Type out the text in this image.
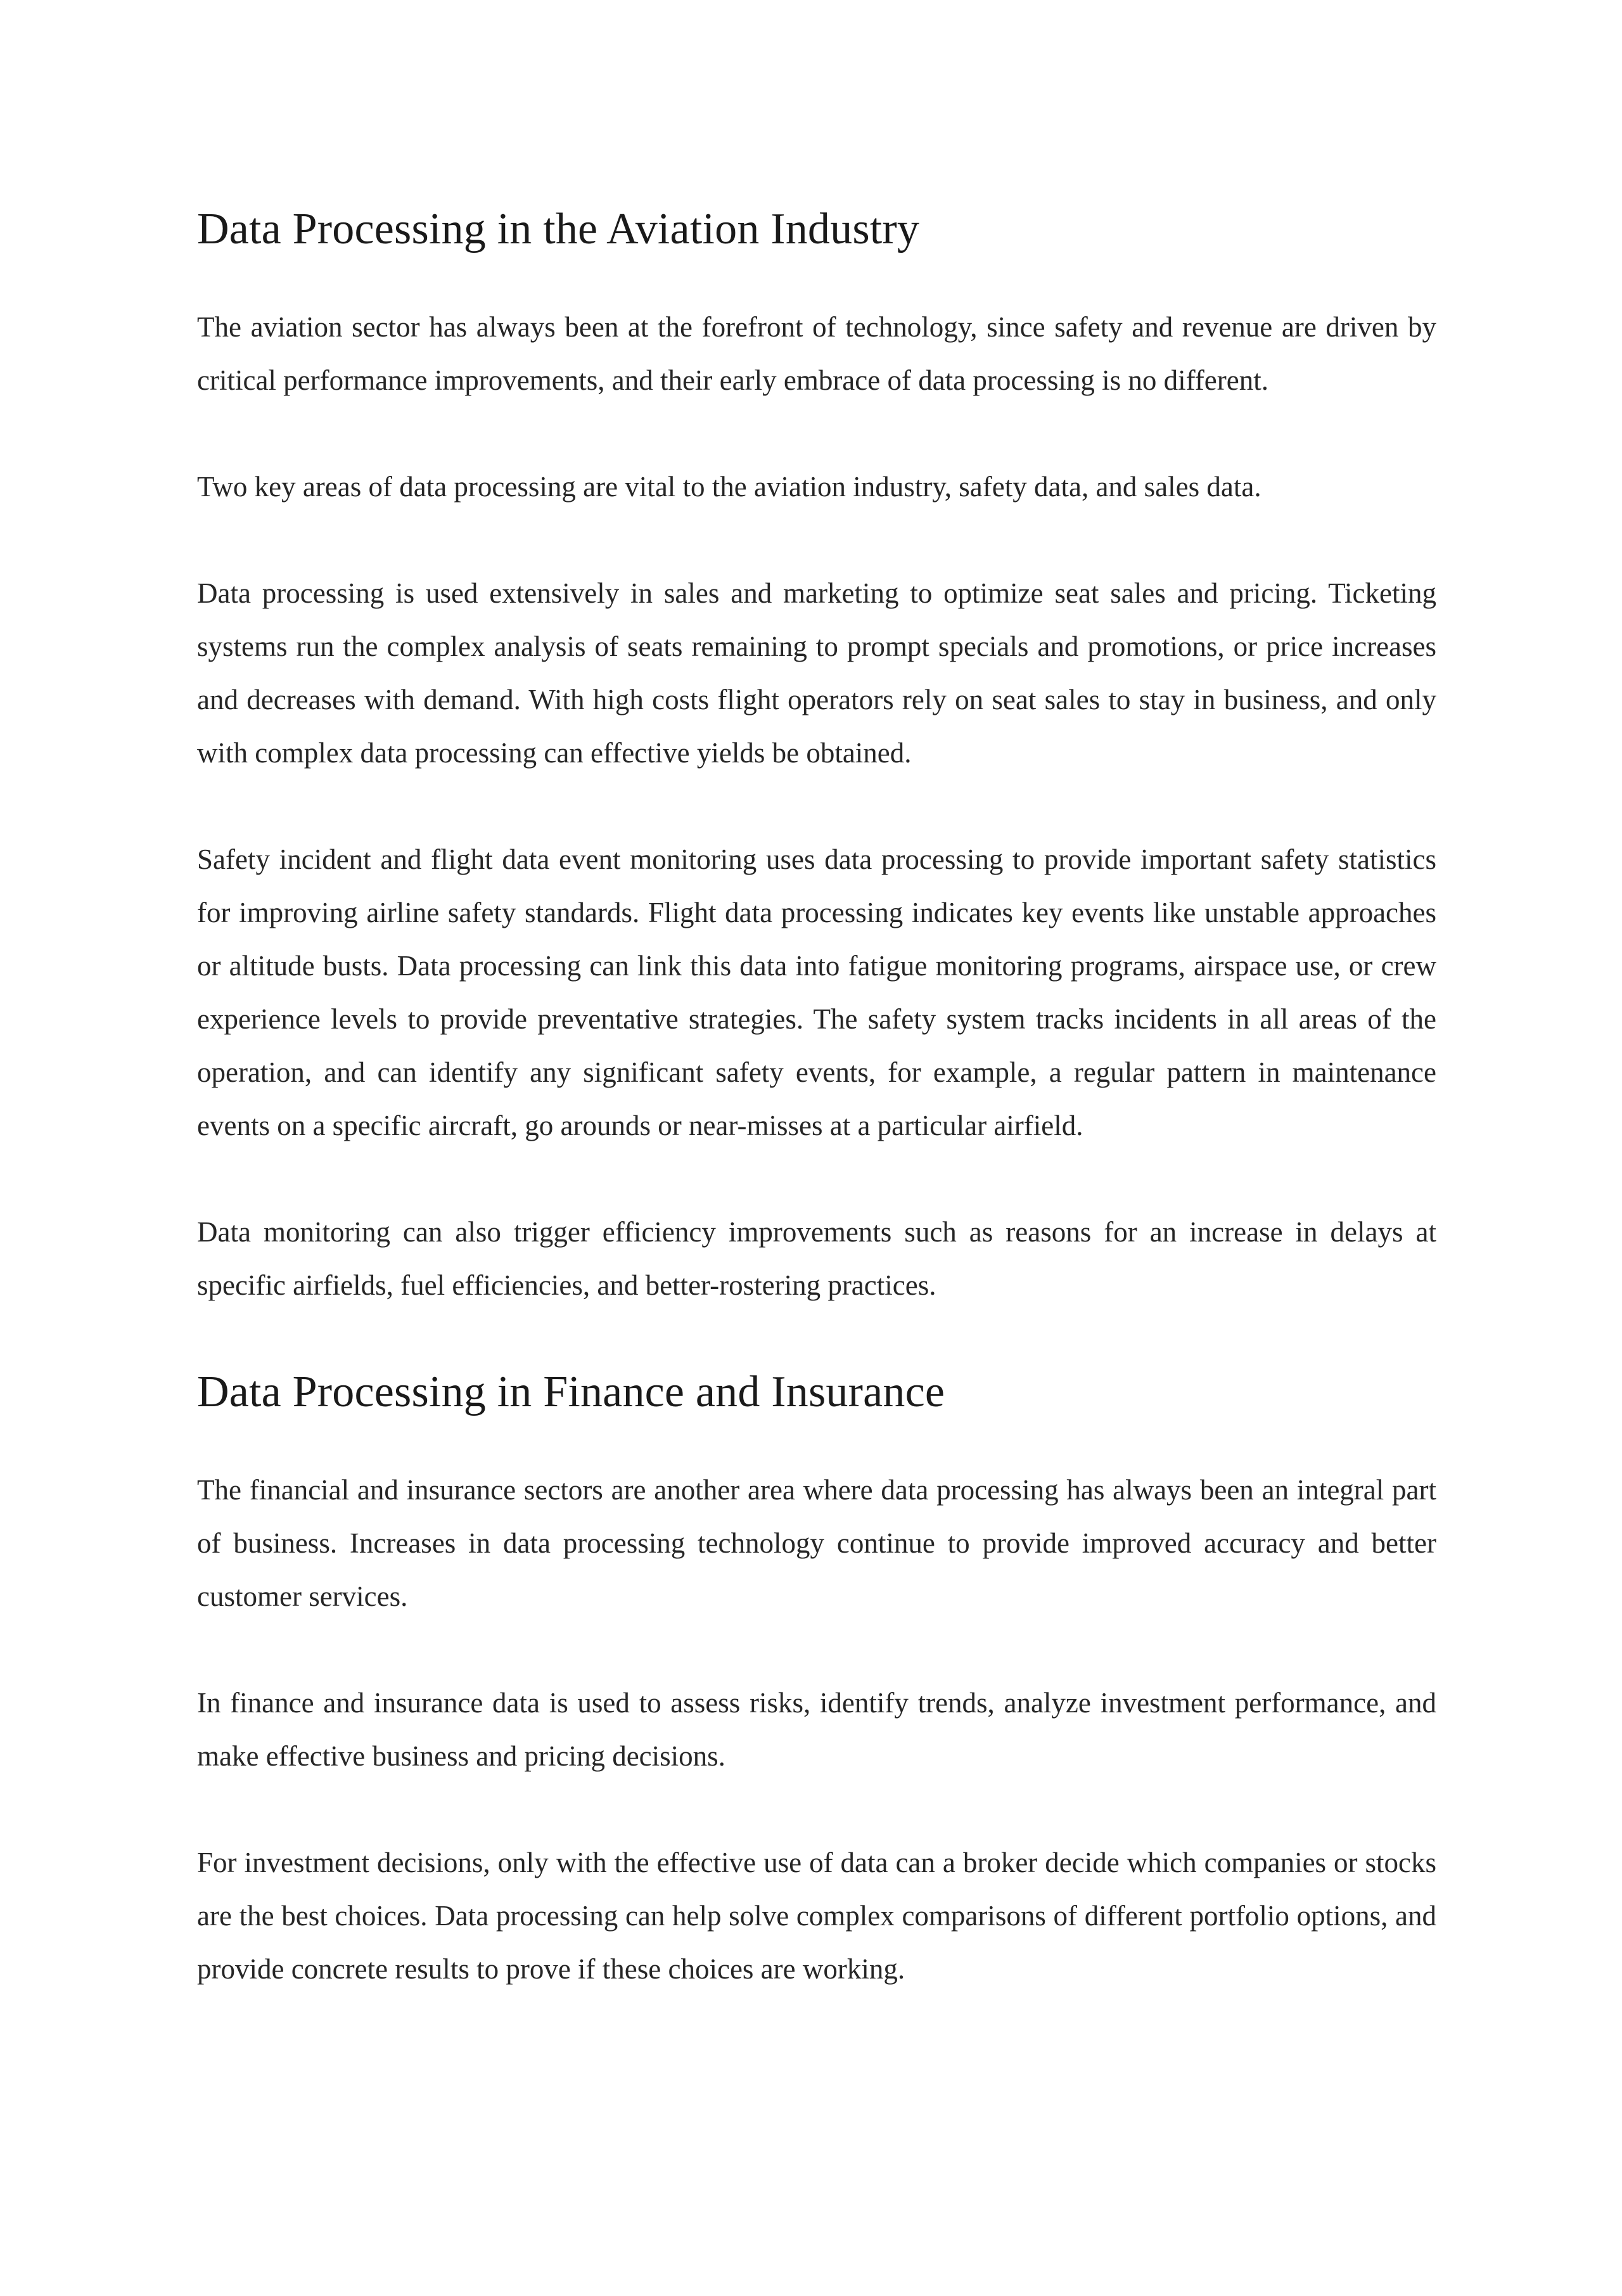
Data Processing in the Aviation Industry

The aviation sector has always been at the forefront of technology, since safety and revenue are driven by critical performance improvements, and their early embrace of data processing is no different.

Two key areas of data processing are vital to the aviation industry, safety data, and sales data.

Data processing is used extensively in sales and marketing to optimize seat sales and pricing. Ticketing systems run the complex analysis of seats remaining to prompt specials and promotions, or price increases and decreases with demand. With high costs flight operators rely on seat sales to stay in business, and only with complex data processing can effective yields be obtained.

Safety incident and flight data event monitoring uses data processing to provide important safety statistics for improving airline safety standards. Flight data processing indicates key events like unstable approaches or altitude busts. Data processing can link this data into fatigue monitoring programs, airspace use, or crew experience levels to provide preventative strategies. The safety system tracks incidents in all areas of the operation, and can identify any significant safety events, for example, a regular pattern in maintenance events on a specific aircraft, go arounds or near-misses at a particular airfield.

Data monitoring can also trigger efficiency improvements such as reasons for an increase in delays at specific airfields, fuel efficiencies, and better-rostering practices.

Data Processing in Finance and Insurance

The financial and insurance sectors are another area where data processing has always been an integral part of business. Increases in data processing technology continue to provide improved accuracy and better customer services.

In finance and insurance data is used to assess risks, identify trends, analyze investment performance, and make effective business and pricing decisions.

For investment decisions, only with the effective use of data can a broker decide which companies or stocks are the best choices. Data processing can help solve complex comparisons of different portfolio options, and provide concrete results to prove if these choices are working.
